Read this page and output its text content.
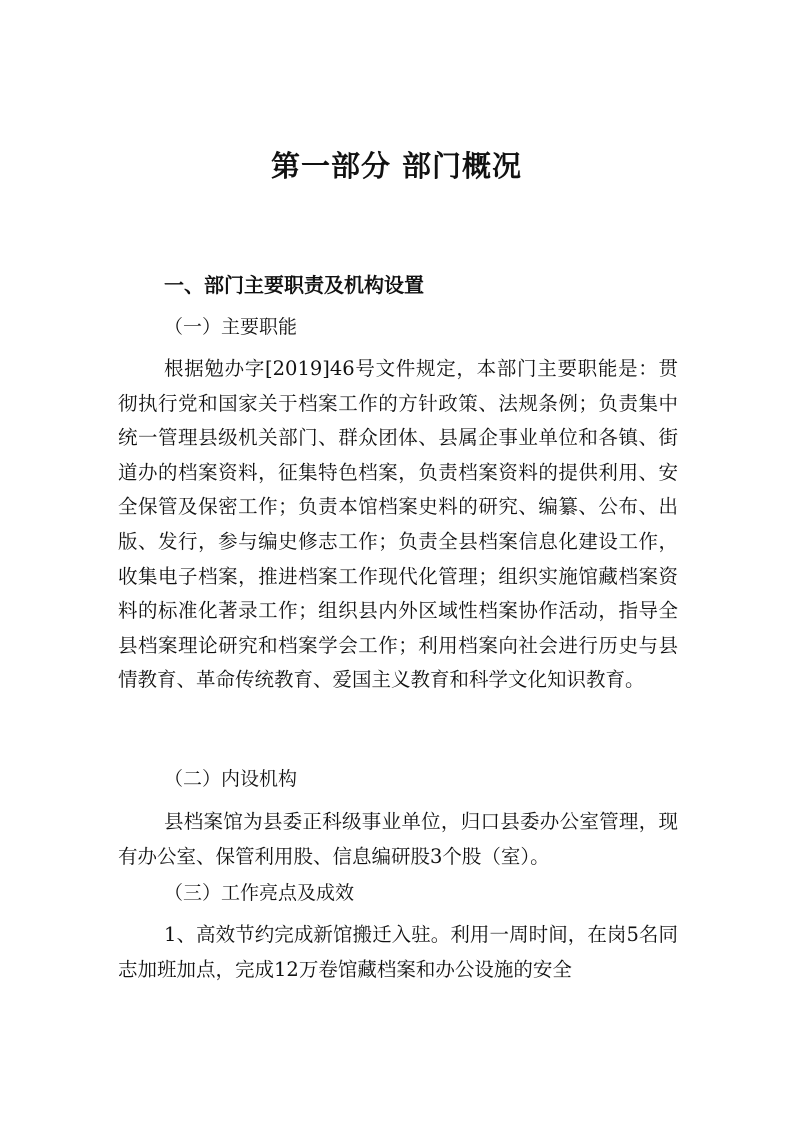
第一部分 部门概况
一、部门主要职责及机构设置
（一）主要职能

根据勉办字[2019]46号文件规定，本部门主要职能是：贯彻执行党和国家关于档案工作的方针政策、法规条例；负责集中统一管理县级机关部门、群众团体、县属企事业单位和各镇、街道办的档案资料，征集特色档案，负责档案资料的提供利用、安全保管及保密工作；负责本馆档案史料的研究、编纂、公布、出版、发行，参与编史修志工作；负责全县档案信息化建设工作，收集电子档案，推进档案工作现代化管理；组织实施馆藏档案资料的标准化著录工作；组织县内外区域性档案协作活动，指导全县档案理论研究和档案学会工作；利用档案向社会进行历史与县情教育、革命传统教育、爱国主义教育和科学文化知识教育。

（二）内设机构

县档案馆为县委正科级事业单位，归口县委办公室管理，现有办公室、保管利用股、信息编研股3个股（室）。

（三）工作亮点及成效

1、高效节约完成新馆搬迁入驻。利用一周时间，在岗5名同志加班加点，完成12万卷馆藏档案和办公设施的安全
